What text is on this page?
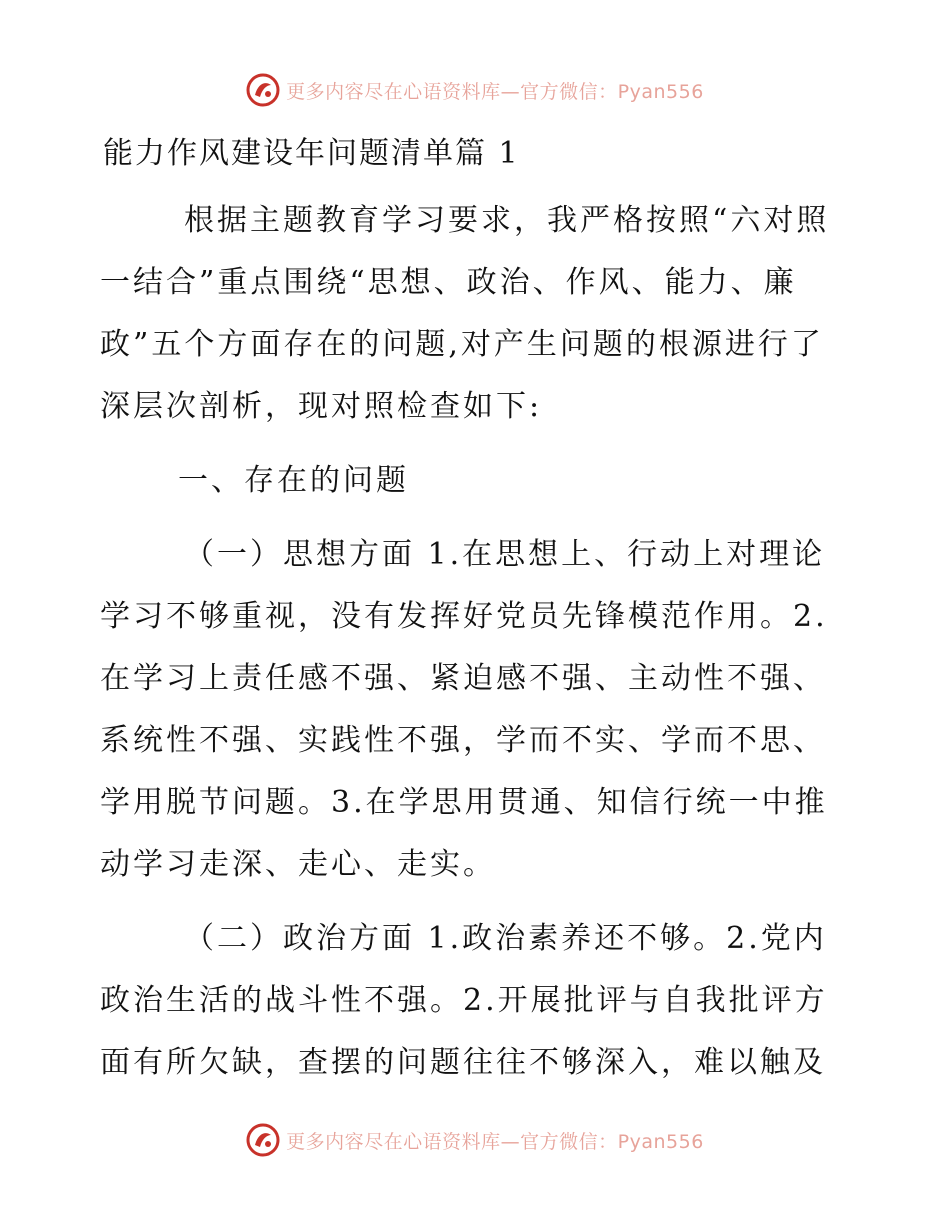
更多内容尽在心语资料库—官方微信：Pyan556
能力作风建设年问题清单篇 1

根据主题教育学习要求，我严格按照“六对照一结合”重点围绕“思想、政治、作风、能力、廉政”五个方面存在的问题,对产生问题的根源进行了深层次剖析，现对照检查如下:

一、存在的问题

（一）思想方面 1.在思想上、行动上对理论学习不够重视，没有发挥好党员先锋模范作用。2.在学习上责任感不强、紧迫感不强、主动性不强、系统性不强、实践性不强，学而不实、学而不思、学用脱节问题。3.在学思用贯通、知信行统一中推动学习走深、走心、走实。

（二）政治方面 1.政治素养还不够。2.党内政治生活的战斗性不强。2.开展批评与自我批评方面有所欠缺，查摆的问题往往不够深入，难以触及

更多内容尽在心语资料库—官方微信：Pyan556
